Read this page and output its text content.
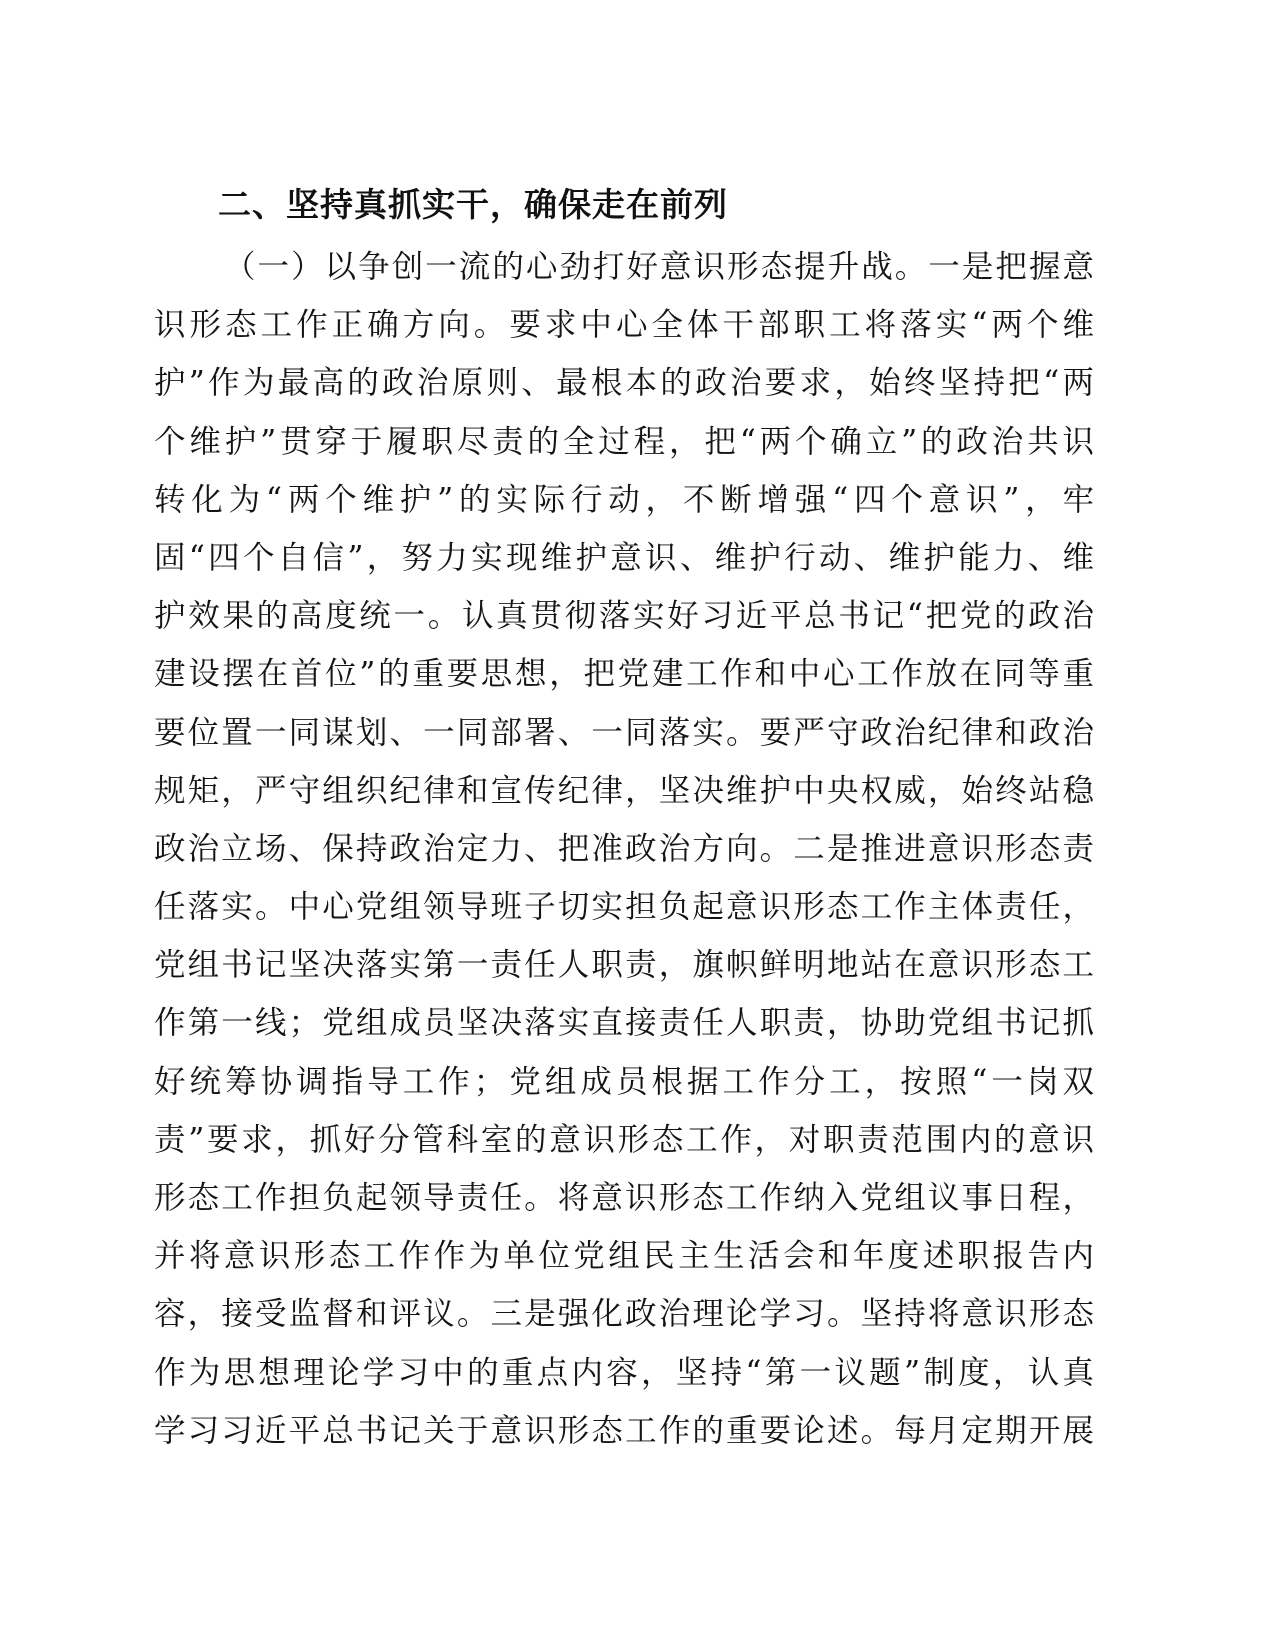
二、坚持真抓实干，确保走在前列
（一）以争创一流的心劲打好意识形态提升战。一是把握意
识形态工作正确方向。要求中心全体干部职工将落实“两个维
护”作为最高的政治原则、最根本的政治要求，始终坚持把“两
个维护”贯穿于履职尽责的全过程，把“两个确立”的政治共识
转化为“两个维护”的实际行动，不断增强“四个意识”，牢
固“四个自信”，努力实现维护意识、维护行动、维护能力、维
护效果的高度统一。认真贯彻落实好习近平总书记“把党的政治
建设摆在首位”的重要思想，把党建工作和中心工作放在同等重
要位置一同谋划、一同部署、一同落实。要严守政治纪律和政治
规矩，严守组织纪律和宣传纪律，坚决维护中央权威，始终站稳
政治立场、保持政治定力、把准政治方向。二是推进意识形态责
任落实。中心党组领导班子切实担负起意识形态工作主体责任，
党组书记坚决落实第一责任人职责，旗帜鲜明地站在意识形态工
作第一线；党组成员坚决落实直接责任人职责，协助党组书记抓
好统筹协调指导工作；党组成员根据工作分工，按照“一岗双
责”要求，抓好分管科室的意识形态工作，对职责范围内的意识
形态工作担负起领导责任。将意识形态工作纳入党组议事日程，
并将意识形态工作作为单位党组民主生活会和年度述职报告内
容，接受监督和评议。三是强化政治理论学习。坚持将意识形态
作为思想理论学习中的重点内容，坚持“第一议题”制度，认真
学习习近平总书记关于意识形态工作的重要论述。每月定期开展
